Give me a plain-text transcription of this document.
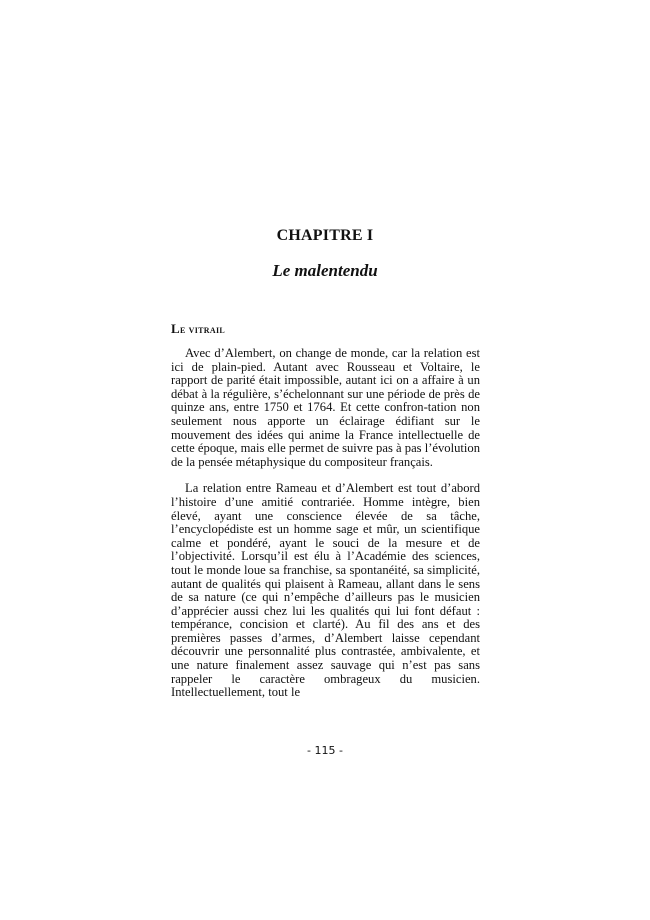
CHAPITRE I
Le malentendu
Le vitrail

Avec d’Alembert, on change de monde, car la relation est ici de plain-pied. Autant avec Rousseau et Voltaire, le rapport de parité était impossible, autant ici on a affaire à un débat à la régulière, s’échelonnant sur une période de près de quinze ans, entre 1750 et 1764. Et cette confron-tation non seulement nous apporte un éclairage édifiant sur le mouvement des idées qui anime la France intellectuelle de cette époque, mais elle permet de suivre pas à pas l’évolution de la pensée métaphysique du compositeur français.

La relation entre Rameau et d’Alembert est tout d’abord l’histoire d’une amitié contrariée. Homme intègre, bien élevé, ayant une conscience élevée de sa tâche, l’encyclopédiste est un homme sage et mûr, un scientifique calme et pondéré, ayant le souci de la mesure et de l’objectivité. Lorsqu’il est élu à l’Académie des sciences, tout le monde loue sa franchise, sa spontanéité, sa simplicité, autant de qualités qui plaisent à Rameau, allant dans le sens de sa nature (ce qui n’empêche d’ailleurs pas le musicien d’apprécier aussi chez lui les qualités qui lui font défaut : tempérance, concision et clarté). Au fil des ans et des premières passes d’armes, d’Alembert laisse cependant découvrir une personnalité plus contrastée, ambivalente, et une nature finalement assez sauvage qui n’est pas sans rappeler le caractère ombrageux du musicien. Intellectuellement, tout le

- 115 -
